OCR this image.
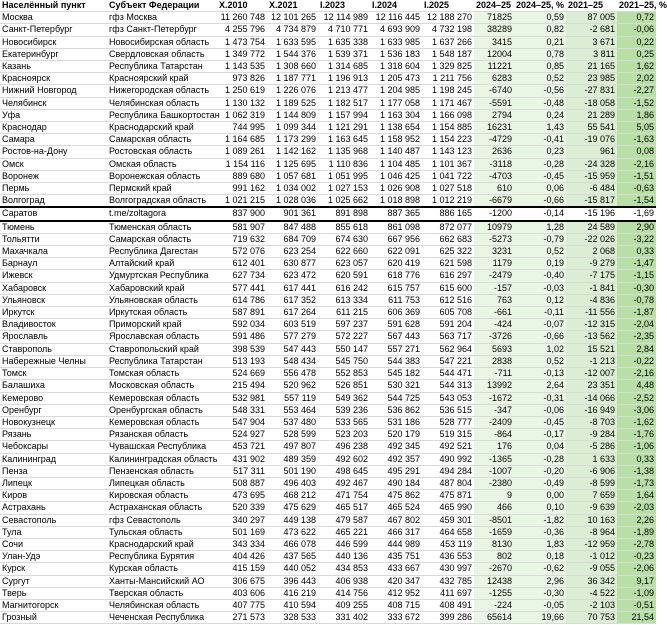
Населённый пункт	Субъект Федерации	Х.2010	Х.2021	I.2023	I.2024	I.2025	2024–25	2024–25, %	2021–25	2021–25, %
Москва	гфз Москва	11 260 748	12 101 265	12 114 989	12 116 445	12 188 270	71825	0,59	87 005	0,72
Санкт-Петербург	гфз Санкт-Петербург	4 255 796	4 734 879	4 710 771	4 693 909	4 732 198	38289	0,82	-2 681	-0,06
Новосибирск	Новосибирская область	1 473 754	1 633 595	1 635 338	1 633 985	1 637 266	3415	0,21	3 671	0,22
Екатеринбург	Свердловская область	1 349 772	1 544 376	1 539 371	1 536 183	1 548 187	12004	0,78	3 811	0,25
Казань	Республика Татарстан	1 143 535	1 308 660	1 314 685	1 318 604	1 329 825	11221	0,85	21 165	1,62
Красноярск	Красноярский край	973 826	1 187 771	1 196 913	1 205 473	1 211 756	6283	0,52	23 985	2,02
Нижний Новгород	Нижегородская область	1 250 619	1 226 076	1 213 477	1 204 985	1 198 245	-6740	-0,56	-27 831	-2,27
Челябинск	Челябинская область	1 130 132	1 189 525	1 182 517	1 177 058	1 171 467	-5591	-0,48	-18 058	-1,52
Уфа	Республика Башкортостан	1 062 319	1 144 809	1 157 994	1 163 304	1 166 098	2794	0,24	21 289	1,86
Краснодар	Краснодарский край	744 995	1 099 344	1 121 291	1 138 654	1 154 885	16231	1,43	55 541	5,05
Самара	Самарская область	1 164 685	1 173 299	1 163 645	1 158 952	1 154 223	-4729	-0,41	-19 076	-1,63
Ростов-на-Дону	Ростовская область	1 089 261	1 142 162	1 135 968	1 140 487	1 143 123	2636	0,23	961	0,08
Омск	Омская область	1 154 116	1 125 695	1 110 836	1 104 485	1 101 367	-3118	-0,28	-24 328	-2,16
Воронеж	Воронежская область	889 680	1 057 681	1 051 995	1 046 425	1 041 722	-4703	-0,45	-15 959	-1,51
Пермь	Пермский край	991 162	1 034 002	1 027 153	1 026 908	1 027 518	610	0,06	-6 484	-0,63
Волгоград	Волгоградская область	1 021 215	1 028 036	1 025 662	1 018 898	1 012 219	-6679	-0,66	-15 817	-1,54
Саратов	t.me/zoltagora	837 900	901 361	891 898	887 365	886 165	-1200	-0,14	-15 196	-1,69
Тюмень	Тюменская область	581 907	847 488	855 618	861 098	872 077	10979	1,28	24 589	2,90
Тольятти	Самарская область	719 632	684 709	674 630	667 956	662 683	-5273	-0,79	-22 026	-3,22
Махачкала	Республика Дагестан	572 076	623 254	622 660	622 091	625 322	3231	0,52	2 068	0,33
Барнаул	Алтайский край	612 401	630 877	623 057	620 419	621 598	1179	0,19	-9 279	-1,47
Ижевск	Удмуртская Республика	627 734	623 472	620 591	618 776	616 297	-2479	-0,40	-7 175	-1,15
Хабаровск	Хабаровский край	577 441	617 441	616 242	615 757	615 600	-157	-0,03	-1 841	-0,30
Ульяновск	Ульяновская область	614 786	617 352	613 334	611 753	612 516	763	0,12	-4 836	-0,78
Иркутск	Иркутская область	587 891	617 264	611 215	606 369	605 708	-661	-0,11	-11 556	-1,87
Владивосток	Приморский край	592 034	603 519	597 237	591 628	591 204	-424	-0,07	-12 315	-2,04
Ярославль	Ярославская область	591 486	577 279	572 227	567 443	563 717	-3726	-0,66	-13 562	-2,35
Ставрополь	Ставропольский край	398 539	547 443	550 147	557 271	562 964	5693	1,02	15 521	2,84
Набережные Челны	Республика Татарстан	513 193	548 434	545 750	544 383	547 221	2838	0,52	-1 213	-0,22
Томск	Томская область	524 669	556 478	552 853	545 182	544 471	-711	-0,13	-12 007	-2,16
Балашиха	Московская область	215 494	520 962	526 851	530 321	544 313	13992	2,64	23 351	4,48
Кемерово	Кемеровская область	532 981	557 119	549 362	544 725	543 053	-1672	-0,31	-14 066	-2,52
Оренбург	Оренбургская область	548 331	553 464	539 236	536 862	536 515	-347	-0,06	-16 949	-3,06
Новокузнецк	Кемеровская область	547 904	537 480	533 565	531 186	528 777	-2409	-0,45	-8 703	-1,62
Рязань	Рязанская область	524 927	528 599	523 203	520 179	519 315	-864	-0,17	-9 284	-1,76
Чебоксары	Чувашская Республика	453 721	497 807	496 238	492 345	492 521	176	0,04	-5 286	-1,06
Калининград	Калининградская область	431 902	489 359	492 602	492 357	490 992	-1365	-0,28	1 633	0,33
Пенза	Пензенская область	517 311	501 190	498 645	495 291	494 284	-1007	-0,20	-6 906	-1,38
Липецк	Липецкая область	508 887	496 403	492 467	490 184	487 804	-2380	-0,49	-8 599	-1,73
Киров	Кировская область	473 695	468 212	471 754	475 862	475 871	9	0,00	7 659	1,64
Астрахань	Астраханская область	520 339	475 629	465 517	465 524	465 990	466	0,10	-9 639	-2,03
Севастополь	гфз Севастополь	340 297	449 138	479 587	467 802	459 301	-8501	-1,82	10 163	2,26
Тула	Тульская область	501 169	473 622	465 221	466 317	464 658	-1659	-0,36	-8 964	-1,89
Сочи	Краснодарский край	343 334	466 078	446 599	444 989	453 119	8130	1,83	-12 959	-2,78
Улан-Удэ	Республика Бурятия	404 426	437 565	440 136	435 751	436 553	802	0,18	-1 012	-0,23
Курск	Курская область	415 159	440 052	434 853	433 667	430 997	-2670	-0,62	-9 055	-2,06
Сургут	Ханты-Мансийский АО	306 675	396 443	406 938	420 347	432 785	12438	2,96	36 342	9,17
Тверь	Тверская область	403 606	416 219	414 756	412 952	411 697	-1255	-0,30	-4 522	-1,09
Магнитогорск	Челябинская область	407 775	410 594	409 255	408 715	408 491	-224	-0,05	-2 103	-0,51
Грозный	Чеченская Республика	271 573	328 533	331 402	333 672	399 286	65614	19,66	70 753	21,54
